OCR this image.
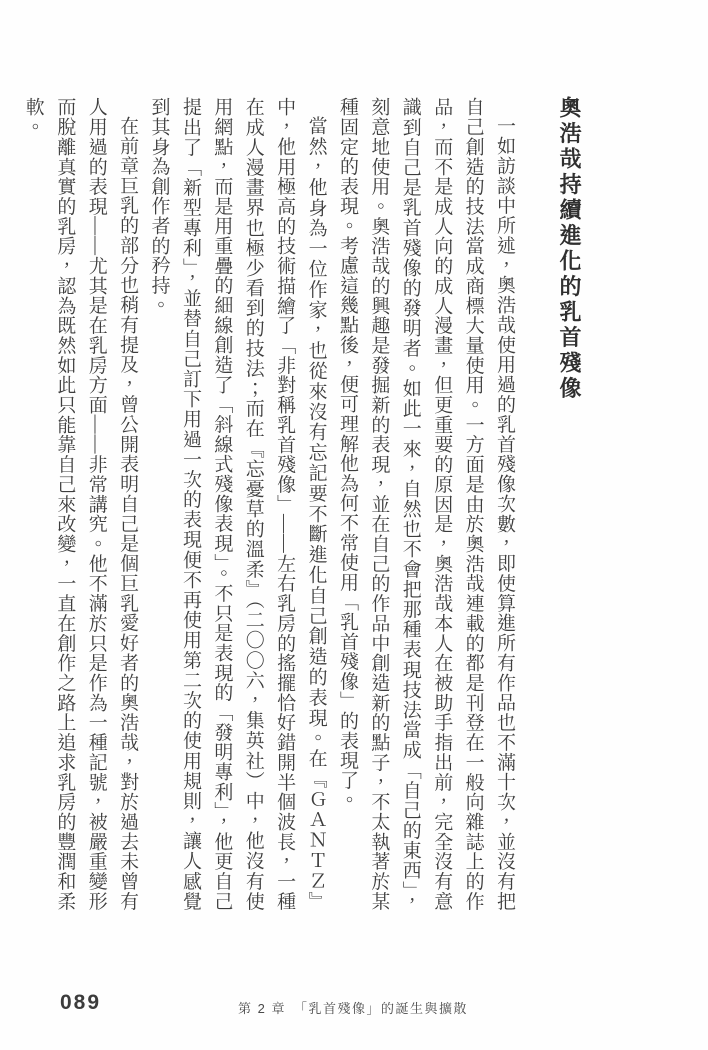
奧浩哉持續進化的乳首殘像

一如訪談中所述，奧浩哉使用過的乳首殘像次數，即使算進所有作品也不滿十次，並沒有把自己創造的技法當成商標大量使用。一方面是由於奧浩哉連載的都是刊登在一般向雜誌上的作品，而不是成人向的成人漫畫，但更重要的原因是，奧浩哉本人在被助手指出前，完全沒有意識到自己是乳首殘像的發明者。如此一來，自然也不會把那種表現技法當成「自己的東西」，刻意地使用。奧浩哉的興趣是發掘新的表現，並在自己的作品中創造新的點子，不太執著於某種固定的表現。考慮這幾點後，便可理解他為何不常使用「乳首殘像」的表現了。

當然，他身為一位作家，也從來沒有忘記要不斷進化自己創造的表現。在『ＧＡＮＴＺ』中，他用極高的技術描繪了「非對稱乳首殘像」——左右乳房的搖擺恰好錯開半個波長，一種在成人漫畫界也極少看到的技法；而在『忘憂草的溫柔』（二〇〇六，集英社）中，他沒有使用網點，而是用重疊的細線創造了「斜線式殘像表現」。不只是表現的「發明專利」，他更自己提出了「新型專利」，並替自己訂下用過一次的表現便不再使用第二次的使用規則，讓人感覺到其身為創作者的矜持。

在前章巨乳的部分也稍有提及，曾公開表明自己是個巨乳愛好者的奧浩哉，對於過去未曾有人用過的表現——尤其是在乳房方面——非常講究。他不滿於只是作為一種記號，被嚴重變形而脫離真實的乳房，認為既然如此只能靠自己來改變，一直在創作之路上追求乳房的豐潤和柔軟。

089	第 2 章　「乳首殘像」的誕生與擴散
